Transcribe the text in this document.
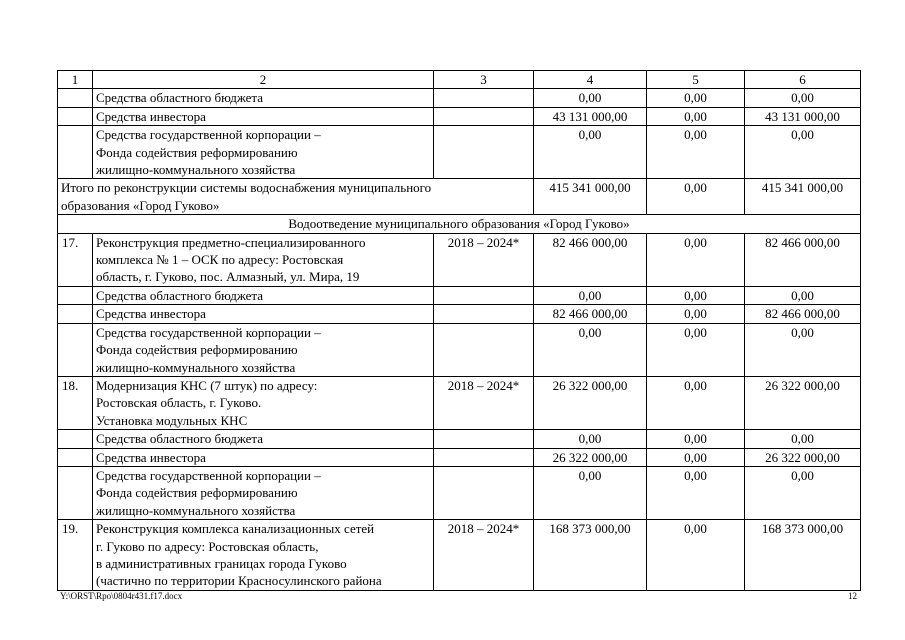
1	2	3	4	5	6
	Средства областного бюджета		0,00	0,00	0,00
	Средства инвестора		43 131 000,00	0,00	43 131 000,00

	Средства государственной корпорации –
Фонда содействия реформированию
жилищно-коммунального хозяйства		0,00	0,00	0,00

Итого по реконструкции системы водоснабжения муниципального
образования «Город Гуково»			415 341 000,00	0,00	415 341 000,00
Водоотведение муниципального образования «Город Гуково»					
17.	Реконструкция предметно-специализированного
комплекса № 1 – ОСК по адресу: Ростовская
область, г. Гуково, пос. Алмазный, ул. Мира, 19	2018 – 2024*	82 466 000,00	0,00	82 466 000,00
	Средства областного бюджета		0,00	0,00	0,00
	Средства инвестора		82 466 000,00	0,00	82 466 000,00

	Средства государственной корпорации –
Фонда содействия реформированию
жилищно-коммунального хозяйства		0,00	0,00	0,00
18.	Модернизация КНС (7 штук) по адресу:
Ростовская область, г. Гуково.
Установка модульных КНС	2018 – 2024*	26 322 000,00	0,00	26 322 000,00
	Средства областного бюджета		0,00	0,00	0,00
	Средства инвестора		26 322 000,00	0,00	26 322 000,00

	Средства государственной корпорации –
Фонда содействия реформированию
жилищно-коммунального хозяйства		0,00	0,00	0,00
19.	Реконструкция комплекса канализационных сетей
г. Гуково по адресу: Ростовская область,
в административных границах города Гуково
(частично по территории Красносулинского района	2018 – 2024*	168 373 000,00	0,00	168 373 000,00
Y:\ORST\Rpo\0804r431.f17.docx	12
